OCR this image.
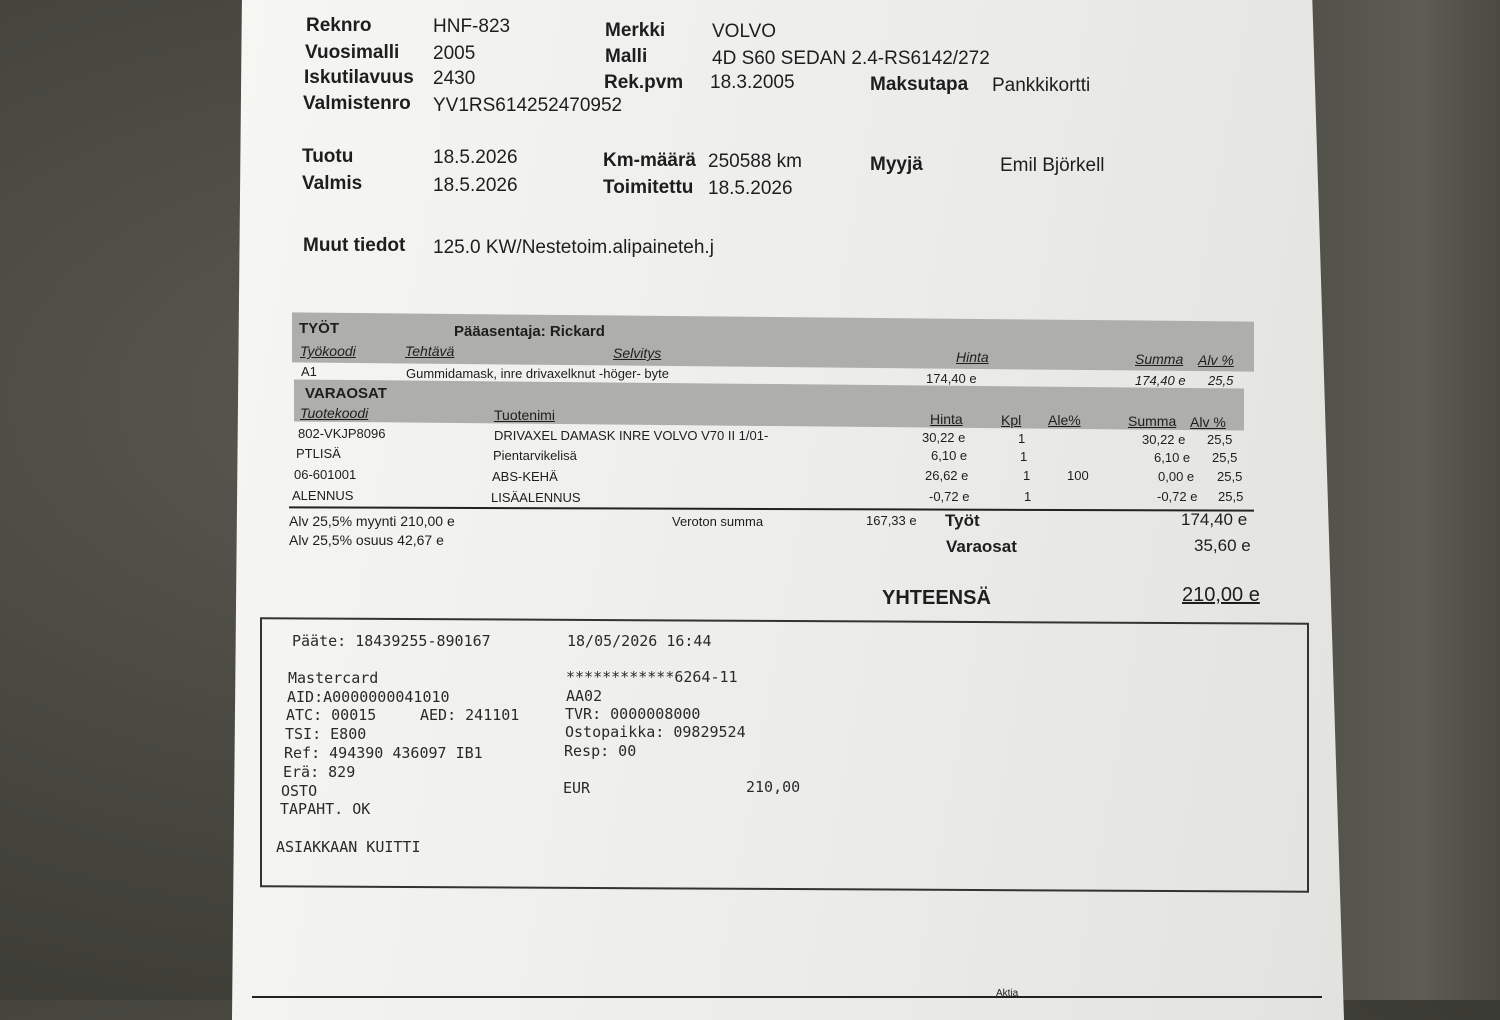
Reknro	HNF-823
Vuosimalli 2005
Iskutilavuus 2430
Valmistenro YV1RS614252470952
Merkki VOLVO
Malli	4D S60 SEDAN 2.4-RS6142/272
Rek.pvm 18.3.2005	Maksutapa Pankkikortti
Tuotu	18.5.2026
Valmis	18.5.2026
Km-määrä 250588 km
Toimitettu 18.5.2026
Myyjä	Emil Björkell
Muut tiedot 125.0 KW/Nestetoim.alipaineteh.j
TYÖT	Pääasentaja: Rickard
Työkoodi	Tehtävä	Selvitys	Hinta	Summa Alv %
A1	Gummidamask, inre drivaxelknut -höger- byte	174,40 e	174,40 e 25,5
VARAOSAT
Tuotekoodi	Tuotenimi	Hinta	Kpl Ale%	Summa Alv %
802-VKJP8096	DRIVAXEL DAMASK INRE VOLVO V70 II 1/01-	30,22 e	1	30,22 e 25,5
PTLISÄ	Pientarvikelisä	6,10 e	1	6,10 e 25,5
06-601001	ABS-KEHÄ	26,62 e	1	100	0,00 e 25,5
ALENNUS	LISÄALENNUS	-0,72 e	1	-0,72 e 25,5
Alv 25,5% myynti 210,00 e
Alv 25,5% osuus 42,67 e
Veroton summa	167,33 e Työt	174,40 e
Varaosat	35,60 e
YHTEENSÄ	210,00 e
Pääte: 18439255-890167	18/05/2026 16:44
Mastercard	************6264-11
AID:A0000000041010	AA02
ATC: 00015	AED: 241101	TVR: 0000008000
TSI: E800	Ostopaikka: 09829524
Ref: 494390 436097 IB1	Resp: 00
Erä: 829
OSTO	EUR	210,00
TAPAHT. OK
ASIAKKAAN KUITTI
Aktia
